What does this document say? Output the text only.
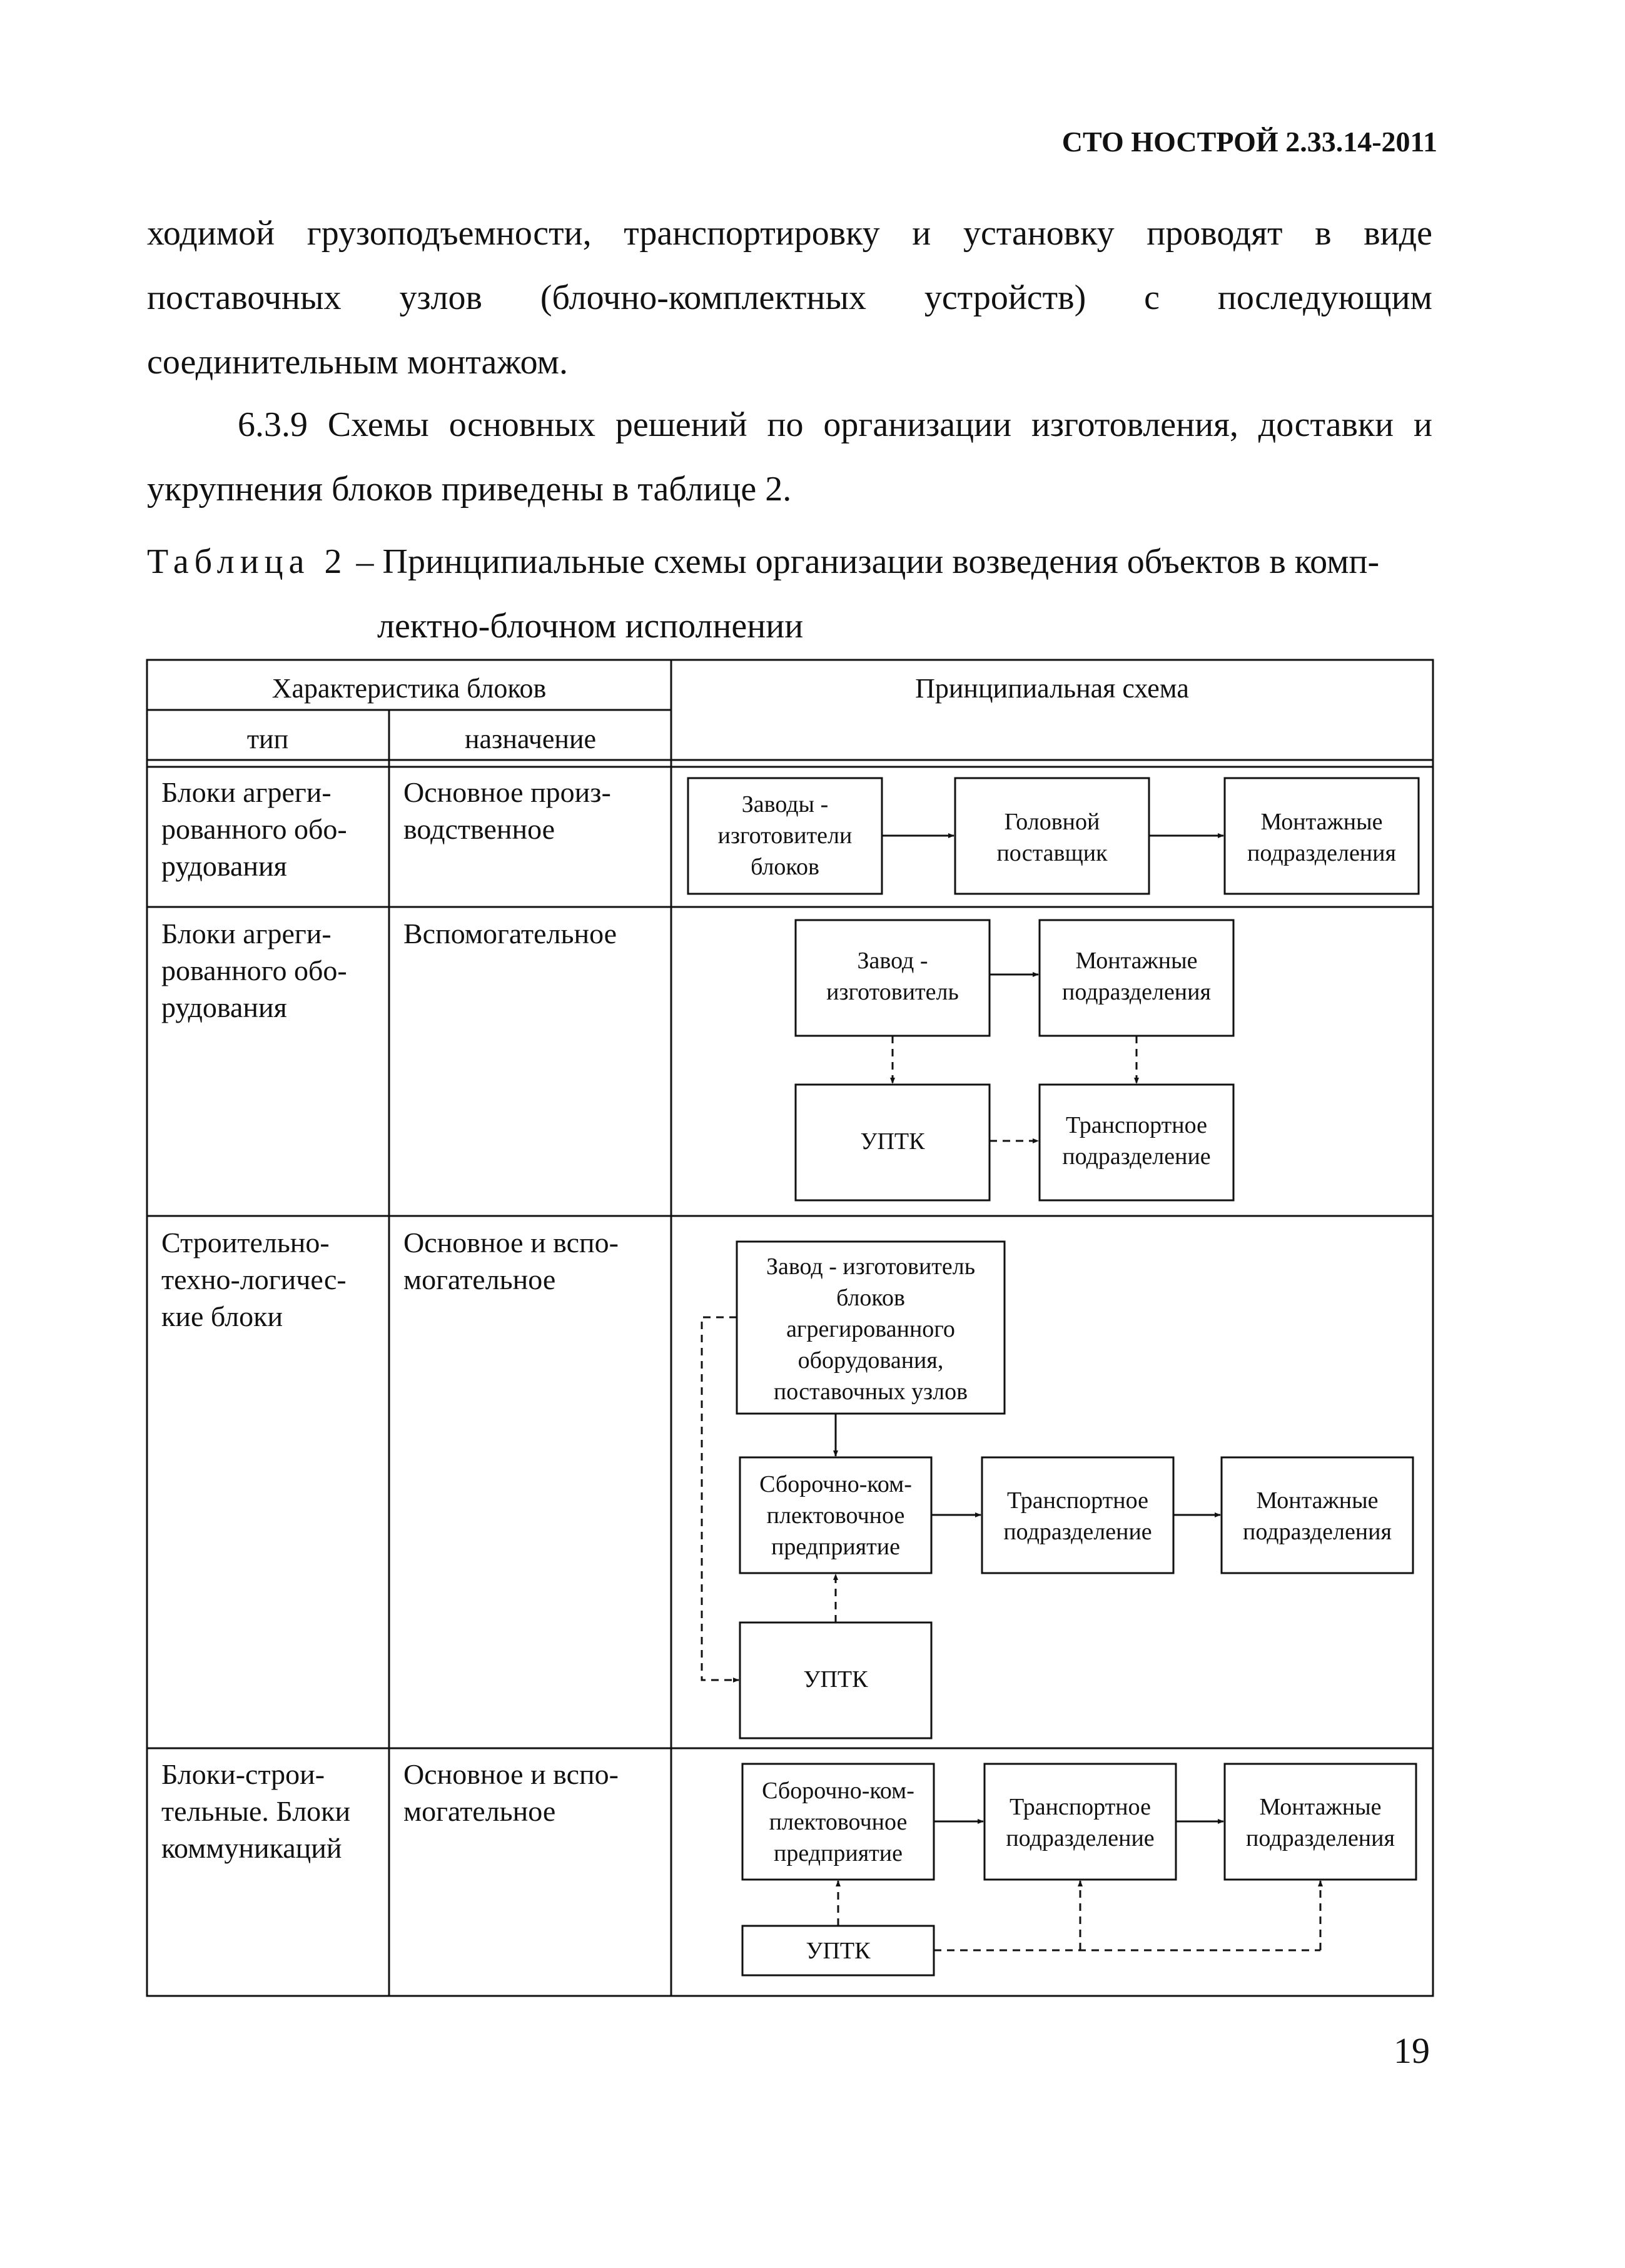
СТО НОСТРОЙ 2.33.14-2011
ходимой грузоподъемности, транспортировку и установку проводят в виде поставочных узлов (блочно-комплектных устройств) с последующим соединительным монтажом.
6.3.9 Схемы основных решений по организации изготовления, доставки и укрупнения блоков приведены в таблице 2.
Таблица 2 – Принципиальные схемы организации возведения объектов в комп-
лектно-блочном исполнении
Характеристика блоков
тип	назначение
Принципиальная схема
Блоки агреги-
рованного обо-
рудования
Основное произ-
водственное
Заводы -
изготовители
блоков
Головной
поставщик
Монтажные
подразделения
Блоки агреги-
рованного обо-
рудования
Вспомогательное
Завод -
изготовитель
Монтажные
подразделения
УПТК
Транспортное
подразделение
Строительно-
техно-логичес-
кие блоки
Основное и вспо-
могательное	Завод - изготовитель
блоков
агрегированного
оборудования,
поставочных узлов
Сборочно-ком-
плектовочное
предприятие
Транспортное
подразделение
Монтажные
подразделения
УПТК
Блоки-строи-
тельные. Блоки
коммуникаций
Основное и вспо-
могательное
Сборочно-ком-
плектовочное
предприятие
Транспортное
подразделение
Монтажные
подразделения
УПТК
19
